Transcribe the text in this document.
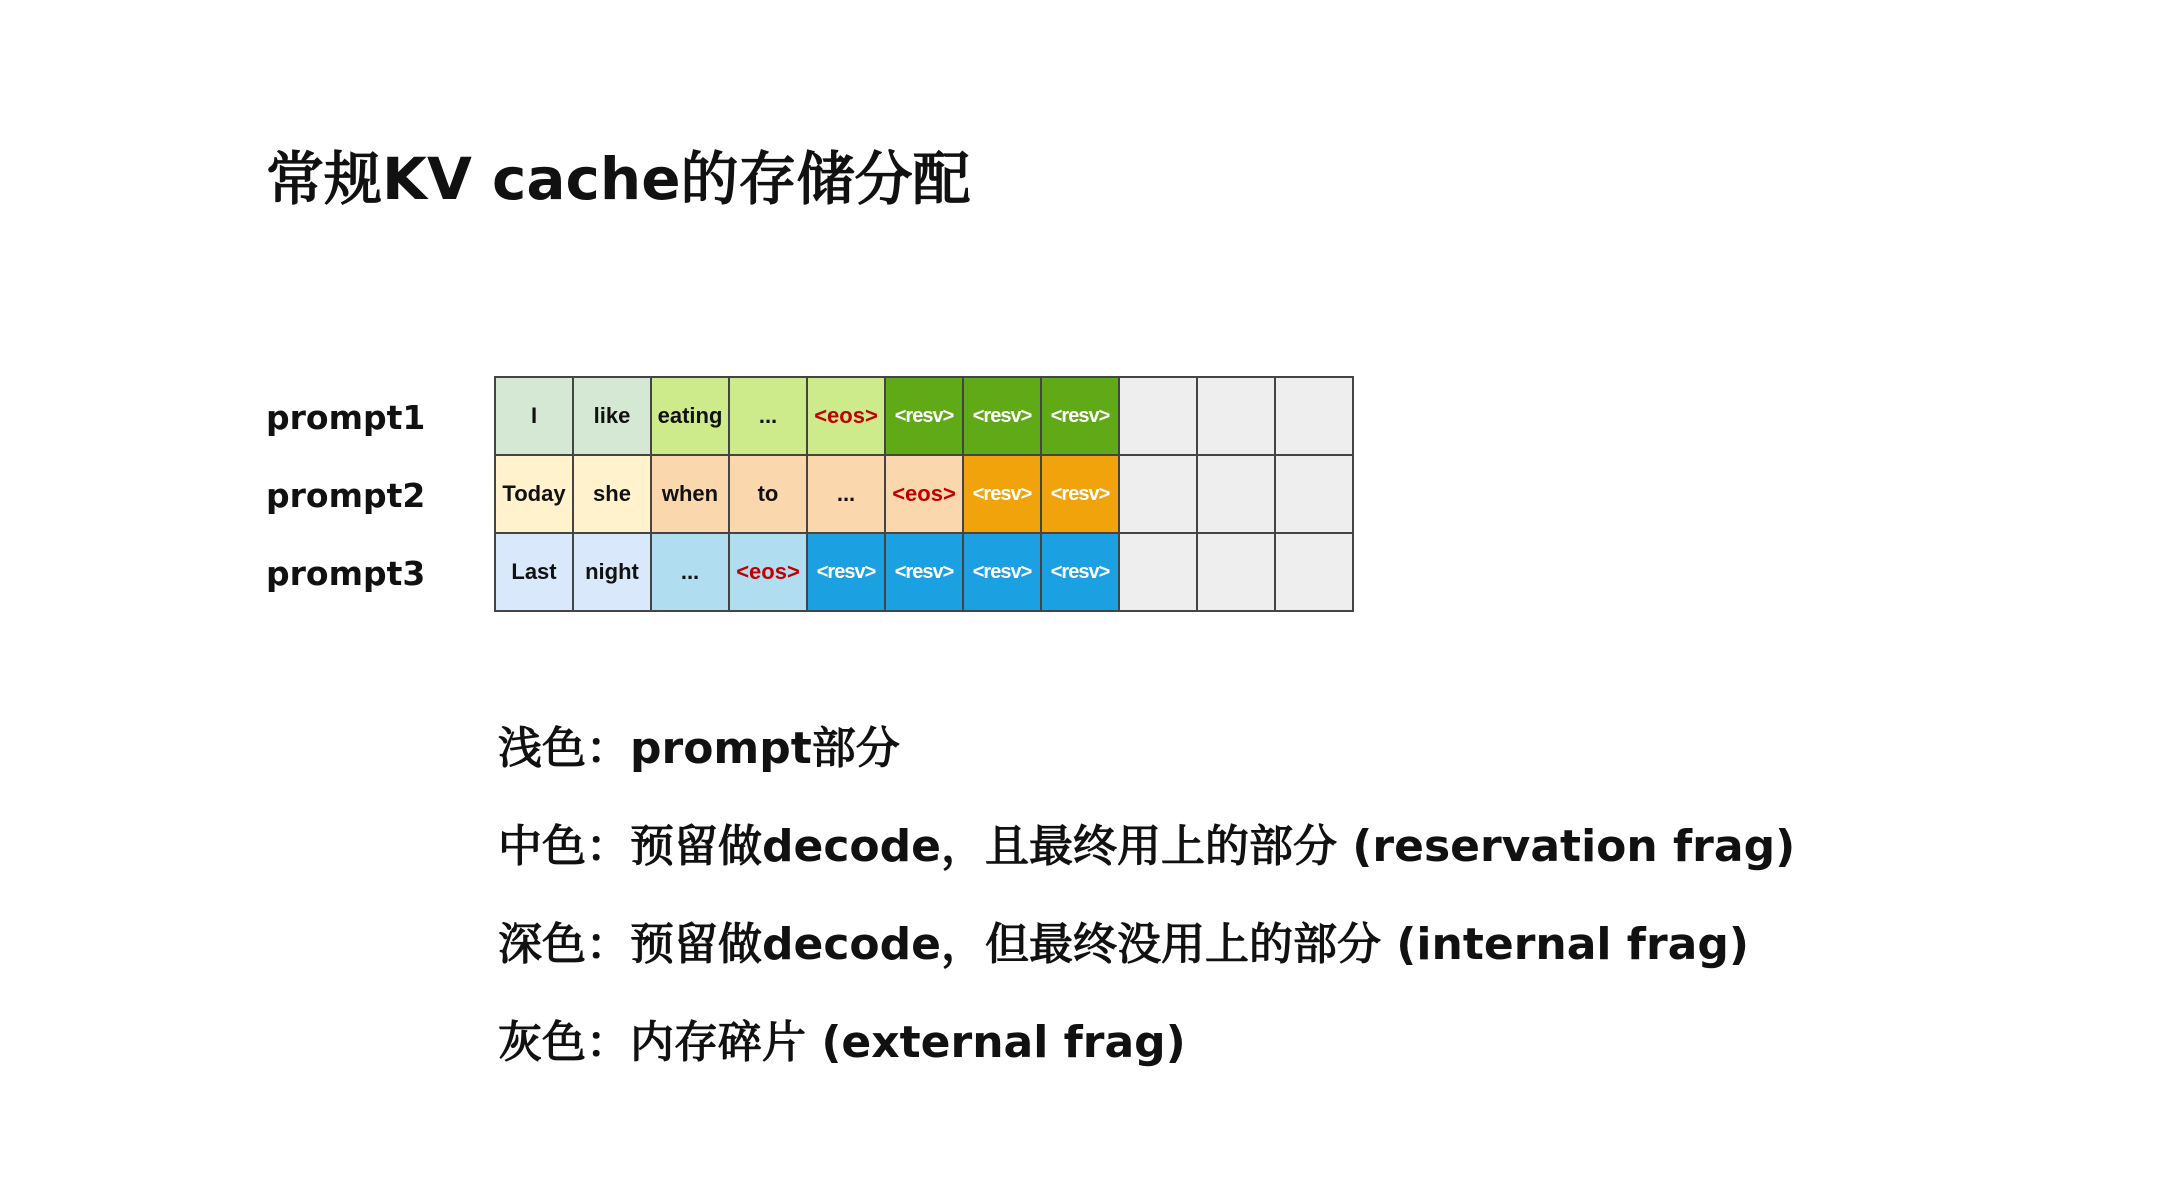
常规KV cache的存储分配
prompt1
prompt2
prompt3
I	like	eating	...	<eos> <resv> <resv> <resv>
Today	she	when	to	...	<eos> <resv> <resv>
Last	night	...	<eos> <resv> <resv> <resv> <resv>
浅色：prompt部分
中色：预留做decode，且最终用上的部分 (reservation frag)
深色：预留做decode，但最终没用上的部分 (internal frag)
灰色：内存碎片 (external frag)
